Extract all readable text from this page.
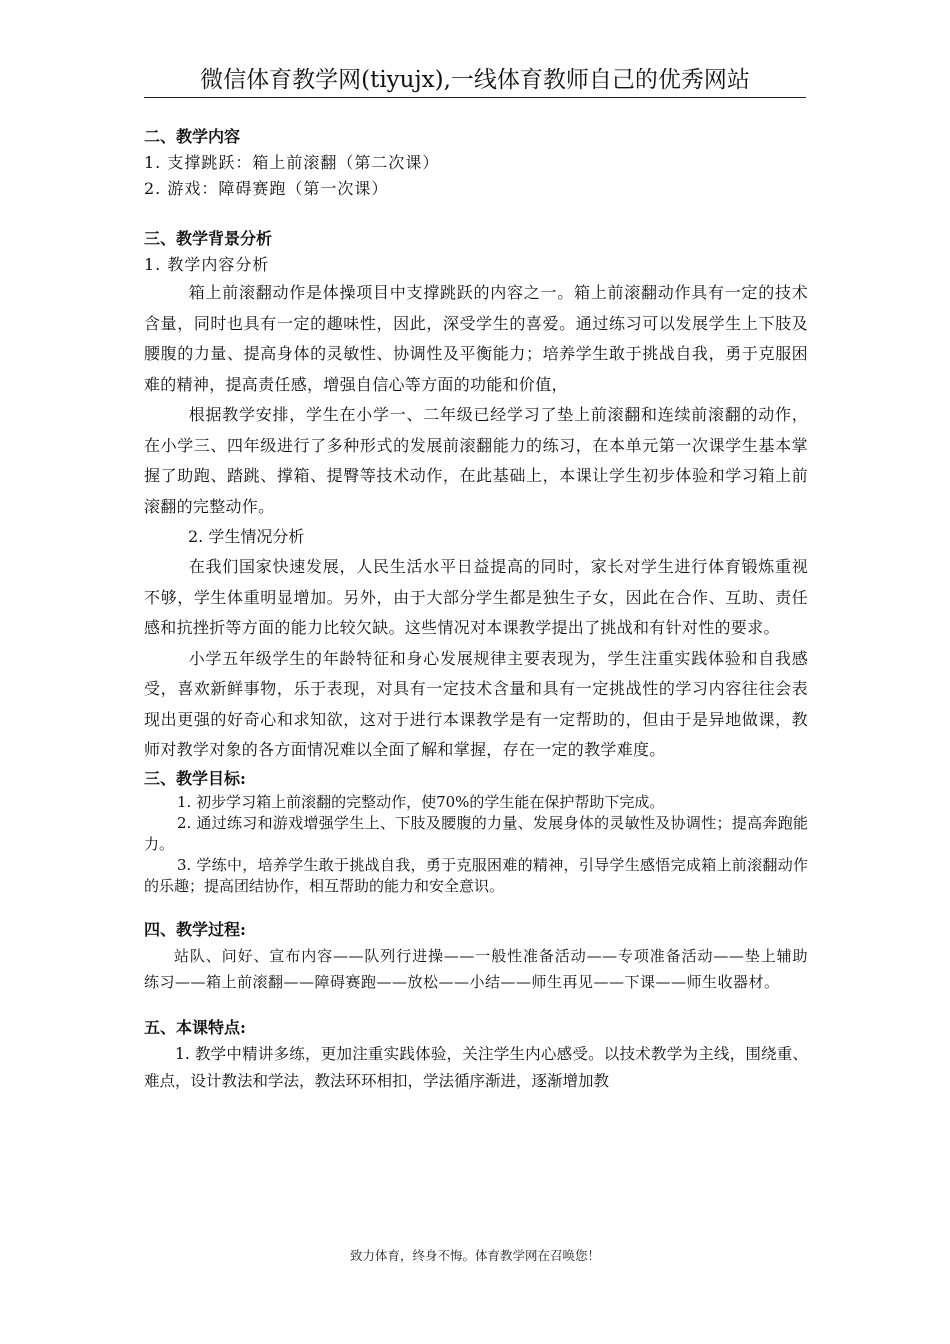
微信体育教学网(tiyujx),一线体育教师自己的优秀网站

二、教学内容

1. 支撑跳跃：箱上前滚翻（第二次课）

2. 游戏：障碍赛跑（第一次课）

三、教学背景分析

1. 教学内容分析

箱上前滚翻动作是体操项目中支撑跳跃的内容之一。箱上前滚翻动作具有一定的技术含量，同时也具有一定的趣味性，因此，深受学生的喜爱。通过练习可以发展学生上下肢及腰腹的力量、提高身体的灵敏性、协调性及平衡能力；培养学生敢于挑战自我，勇于克服困难的精神，提高责任感，增强自信心等方面的功能和价值，

根据教学安排，学生在小学一、二年级已经学习了垫上前滚翻和连续前滚翻的动作，在小学三、四年级进行了多种形式的发展前滚翻能力的练习，在本单元第一次课学生基本掌握了助跑、踏跳、撑箱、提臀等技术动作，在此基础上，本课让学生初步体验和学习箱上前滚翻的完整动作。

2. 学生情况分析

在我们国家快速发展，人民生活水平日益提高的同时，家长对学生进行体育锻炼重视不够，学生体重明显增加。另外，由于大部分学生都是独生子女，因此在合作、互助、责任感和抗挫折等方面的能力比较欠缺。这些情况对本课教学提出了挑战和有针对性的要求。

小学五年级学生的年龄特征和身心发展规律主要表现为，学生注重实践体验和自我感受，喜欢新鲜事物，乐于表现，对具有一定技术含量和具有一定挑战性的学习内容往往会表现出更强的好奇心和求知欲，这对于进行本课教学是有一定帮助的，但由于是异地做课，教师对教学对象的各方面情况难以全面了解和掌握，存在一定的教学难度。

三、教学目标:

1. 初步学习箱上前滚翻的完整动作，使70%的学生能在保护帮助下完成。

2. 通过练习和游戏增强学生上、下肢及腰腹的力量、发展身体的灵敏性及协调性；提高奔跑能力。

3. 学练中，培养学生敢于挑战自我，勇于克服困难的精神，引导学生感悟完成箱上前滚翻动作的乐趣；提高团结协作，相互帮助的能力和安全意识。

四、教学过程:

站队、问好、宣布内容——队列行进操——一般性准备活动——专项准备活动——垫上辅助练习——箱上前滚翻——障碍赛跑——放松——小结——师生再见——下课——师生收器材。

五、本课特点:

1. 教学中精讲多练，更加注重实践体验，关注学生内心感受。以技术教学为主线，围绕重、难点，设计教法和学法，教法环环相扣，学法循序渐进，逐渐增加教

致力体育，终身不悔。体育教学网在召唤您！
